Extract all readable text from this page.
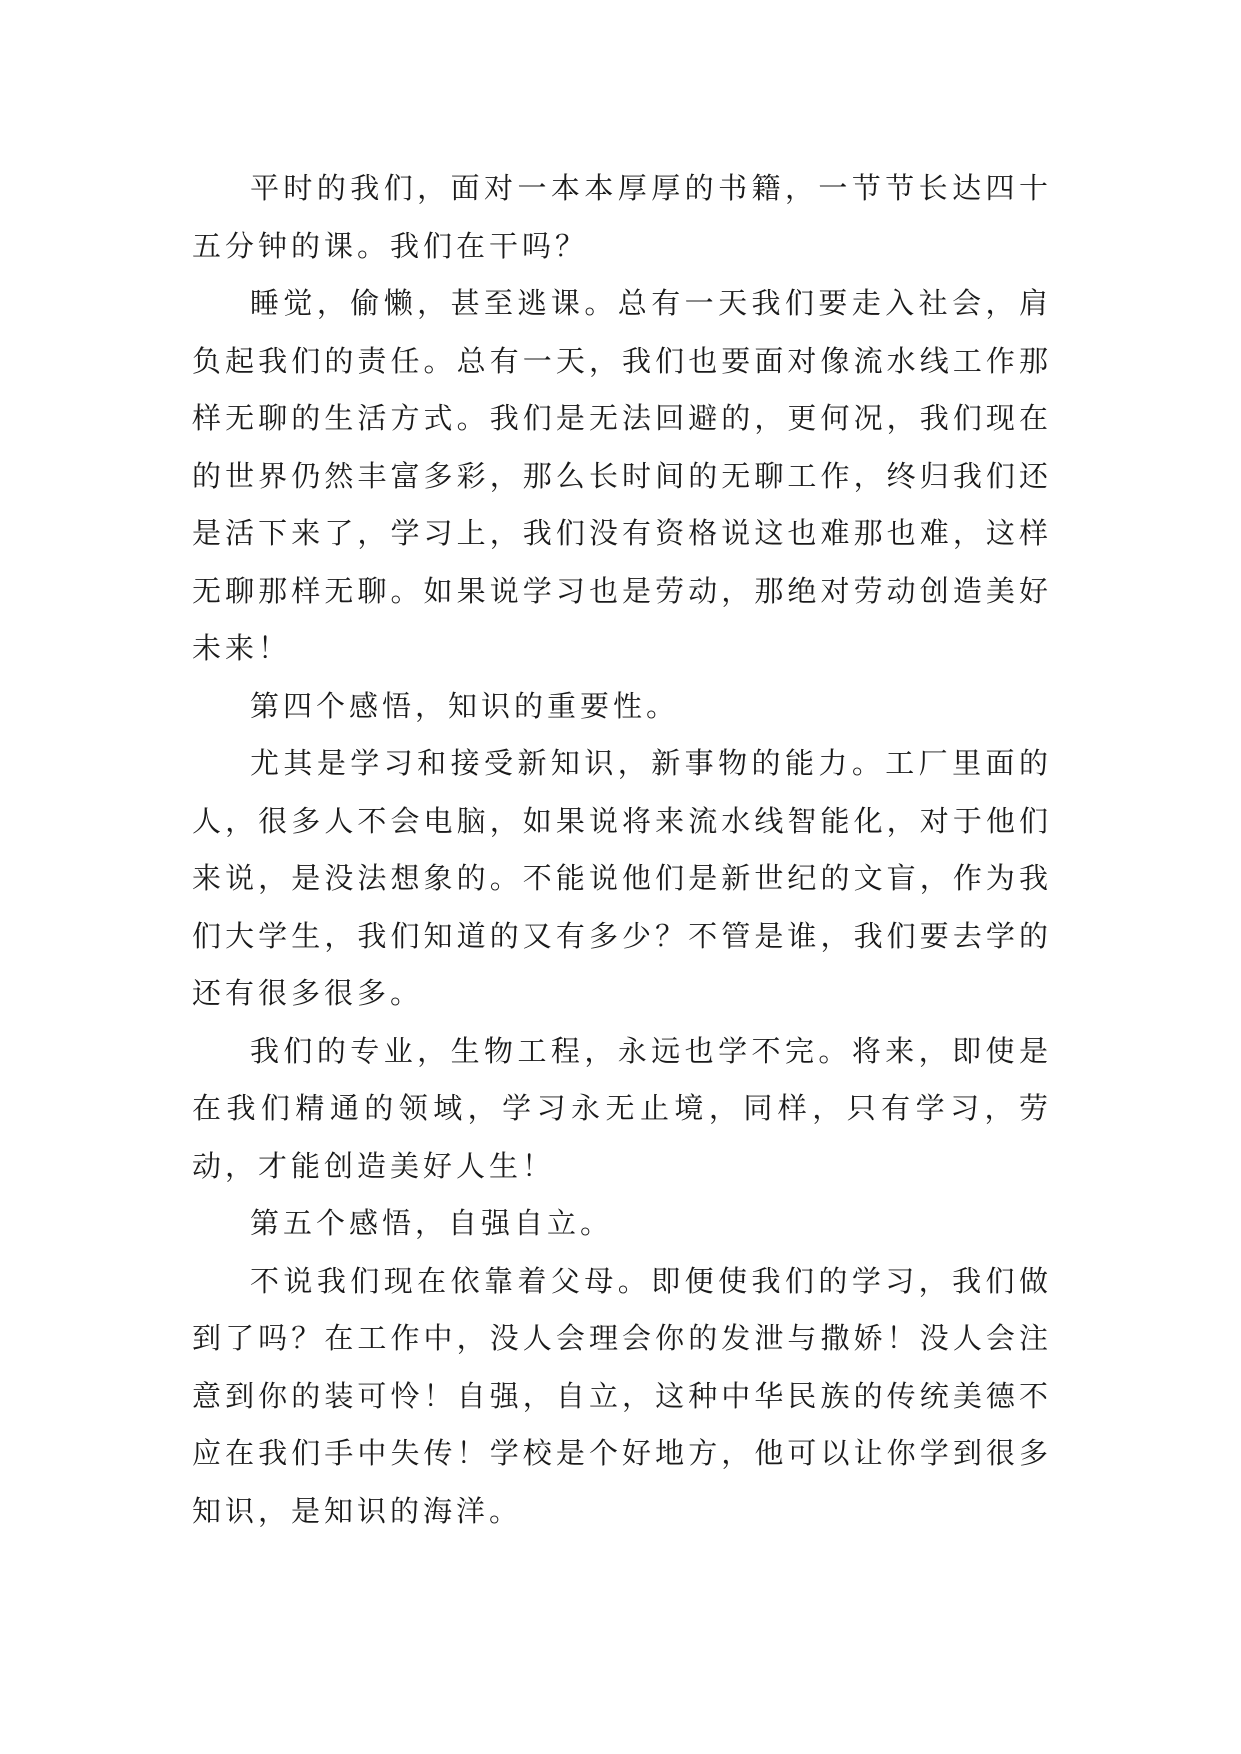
平时的我们，面对一本本厚厚的书籍，一节节长达四十五分钟的课。我们在干吗？

睡觉，偷懒，甚至逃课。总有一天我们要走入社会，肩负起我们的责任。总有一天，我们也要面对像流水线工作那样无聊的生活方式。我们是无法回避的，更何况，我们现在的世界仍然丰富多彩，那么长时间的无聊工作，终归我们还是活下来了，学习上，我们没有资格说这也难那也难，这样无聊那样无聊。如果说学习也是劳动，那绝对劳动创造美好未来！

第四个感悟，知识的重要性。

尤其是学习和接受新知识，新事物的能力。工厂里面的人，很多人不会电脑，如果说将来流水线智能化，对于他们来说，是没法想象的。不能说他们是新世纪的文盲，作为我们大学生，我们知道的又有多少？不管是谁，我们要去学的还有很多很多。

我们的专业，生物工程，永远也学不完。将来，即使是在我们精通的领域，学习永无止境，同样，只有学习，劳动，才能创造美好人生！

第五个感悟，自强自立。

不说我们现在依靠着父母。即便使我们的学习，我们做到了吗？在工作中，没人会理会你的发泄与撒娇！没人会注意到你的装可怜！自强，自立，这种中华民族的传统美德不应在我们手中失传！学校是个好地方，他可以让你学到很多知识，是知识的海洋。
